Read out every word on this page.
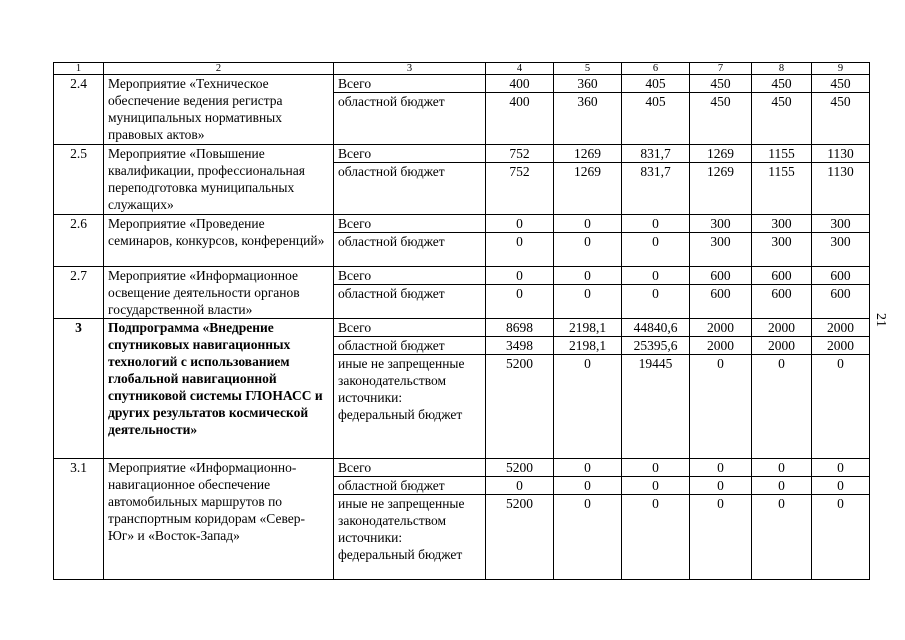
1	2	3	4	5	6	7	8	9
2.4	Мероприятие «Техническое обеспечение ведения регистра муниципальных нормативных правовых актов»	Всего	400	360	405	450	450	450
		областной бюджет	400	360	405	450	450	450
2.5	Мероприятие «Повышение квалификации, профессиональная переподготовка муниципальных служащих»	Всего	752	1269	831,7	1269	1155	1130
		областной бюджет	752	1269	831,7	1269	1155	1130
2.6	Мероприятие «Проведение семинаров, конкурсов, конференций»	Всего	0	0	0	300	300	300
		областной бюджет	0	0	0	300	300	300
2.7	Мероприятие «Информационное освещение деятельности органов государственной власти»	Всего	0	0	0	600	600	600
		областной бюджет	0	0	0	600	600	600
3	Подпрограмма «Внедрение спутниковых навигационных технологий с использованием глобальной навигационной спутниковой системы ГЛОНАСС и других результатов космической деятельности»	Всего	8698	2198,1	44840,6	2000	2000	2000
		областной бюджет	3498	2198,1	25395,6	2000	2000	2000
		иные не запрещенные законодательством источники: федеральный бюджет	5200	0	19445	0	0	0
3.1	Мероприятие «Информационно-навигационное обеспечение автомобильных маршрутов по транспортным коридорам «Север-Юг» и «Восток-Запад»	Всего	5200	0	0	0	0	0
		областной бюджет	0	0	0	0	0	0
		иные не запрещенные законодательством источники: федеральный бюджет	5200	0	0	0	0	0
21
